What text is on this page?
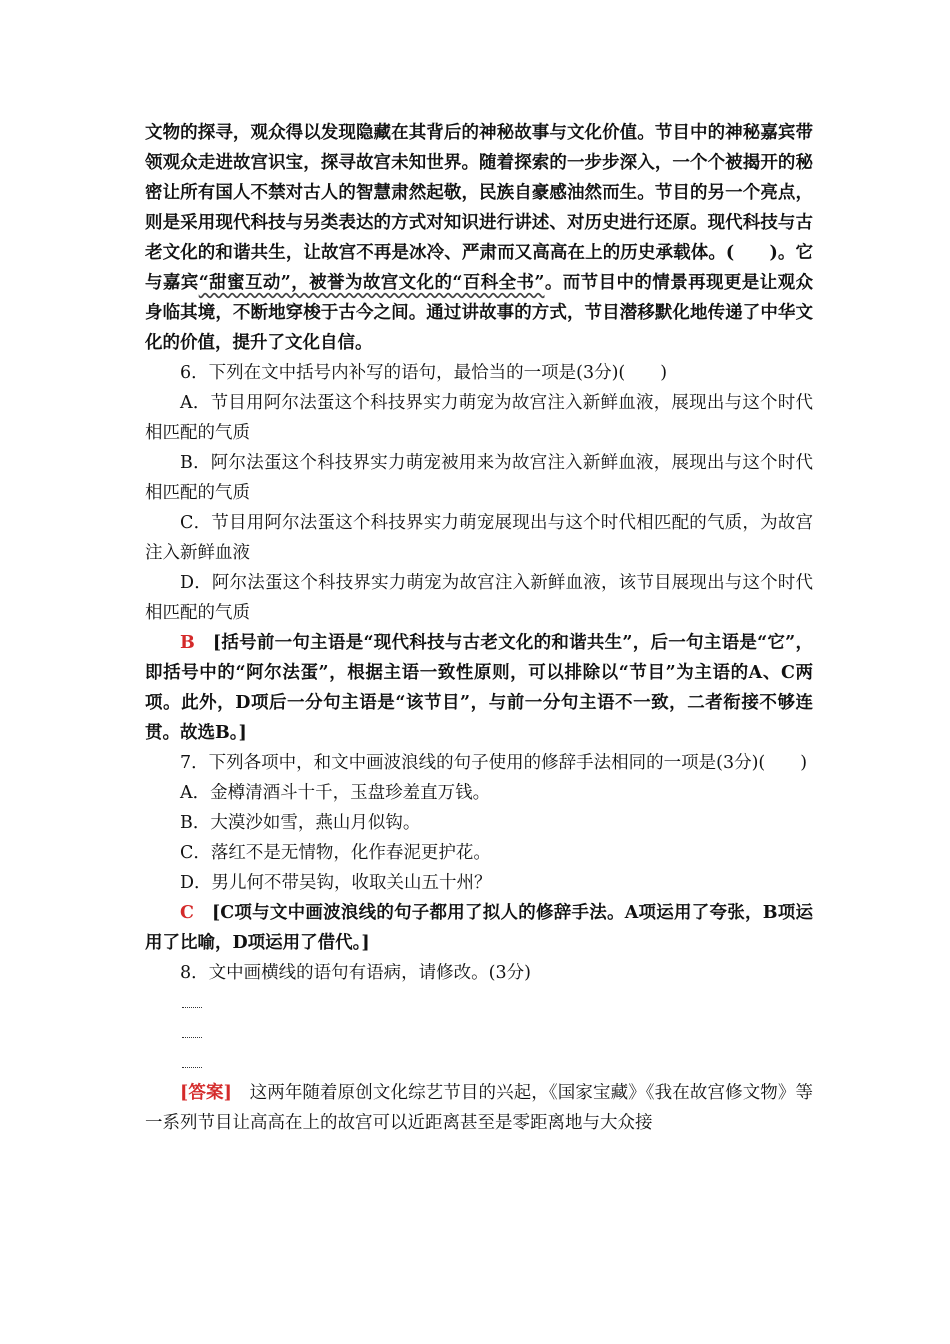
文物的探寻，观众得以发现隐藏在其背后的神秘故事与文化价值。节目中的神秘嘉宾带领观众走进故宫识宝，探寻故宫未知世界。随着探索的一步步深入，一个个被揭开的秘密让所有国人不禁对古人的智慧肃然起敬，民族自豪感油然而生。节目的另一个亮点，则是采用现代科技与另类表达的方式对知识进行讲述、对历史进行还原。现代科技与古老文化的和谐共生，让故宫不再是冰冷、严肃而又高高在上的历史承载体。(　　)。它与嘉宾“甜蜜互动”，被誉为故宫文化的“百科全书”。而节目中的情景再现更是让观众身临其境，不断地穿梭于古今之间。通过讲故事的方式，节目潜移默化地传递了中华文化的价值，提升了文化自信。

6．下列在文中括号内补写的语句，最恰当的一项是(3分)(　　)

A．节目用阿尔法蛋这个科技界实力萌宠为故宫注入新鲜血液，展现出与这个时代相匹配的气质

B．阿尔法蛋这个科技界实力萌宠被用来为故宫注入新鲜血液，展现出与这个时代相匹配的气质

C．节目用阿尔法蛋这个科技界实力萌宠展现出与这个时代相匹配的气质，为故宫注入新鲜血液

D．阿尔法蛋这个科技界实力萌宠为故宫注入新鲜血液，该节目展现出与这个时代相匹配的气质

B　 [括号前一句主语是“现代科技与古老文化的和谐共生”，后一句主语是“它”，即括号中的“阿尔法蛋”，根据主语一致性原则，可以排除以“节目”为主语的A、C两项。此外，D项后一分句主语是“该节目”，与前一分句主语不一致，二者衔接不够连贯。故选B。]

7．下列各项中，和文中画波浪线的句子使用的修辞手法相同的一项是(3分)(　　)

A．金樽清酒斗十千，玉盘珍羞直万钱。

B．大漠沙如雪，燕山月似钩。

C．落红不是无情物，化作春泥更护花。

D．男儿何不带吴钩，收取关山五十州？

C　 [C项与文中画波浪线的句子都用了拟人的修辞手法。A项运用了夸张，B项运用了比喻，D项运用了借代。]

8．文中画横线的语句有语病，请修改。(3分)

[答案]　 这两年随着原创文化综艺节目的兴起，《国家宝藏》《我在故宫修文物》等一系列节目让高高在上的故宫可以近距离甚至是零距离地与大众接
